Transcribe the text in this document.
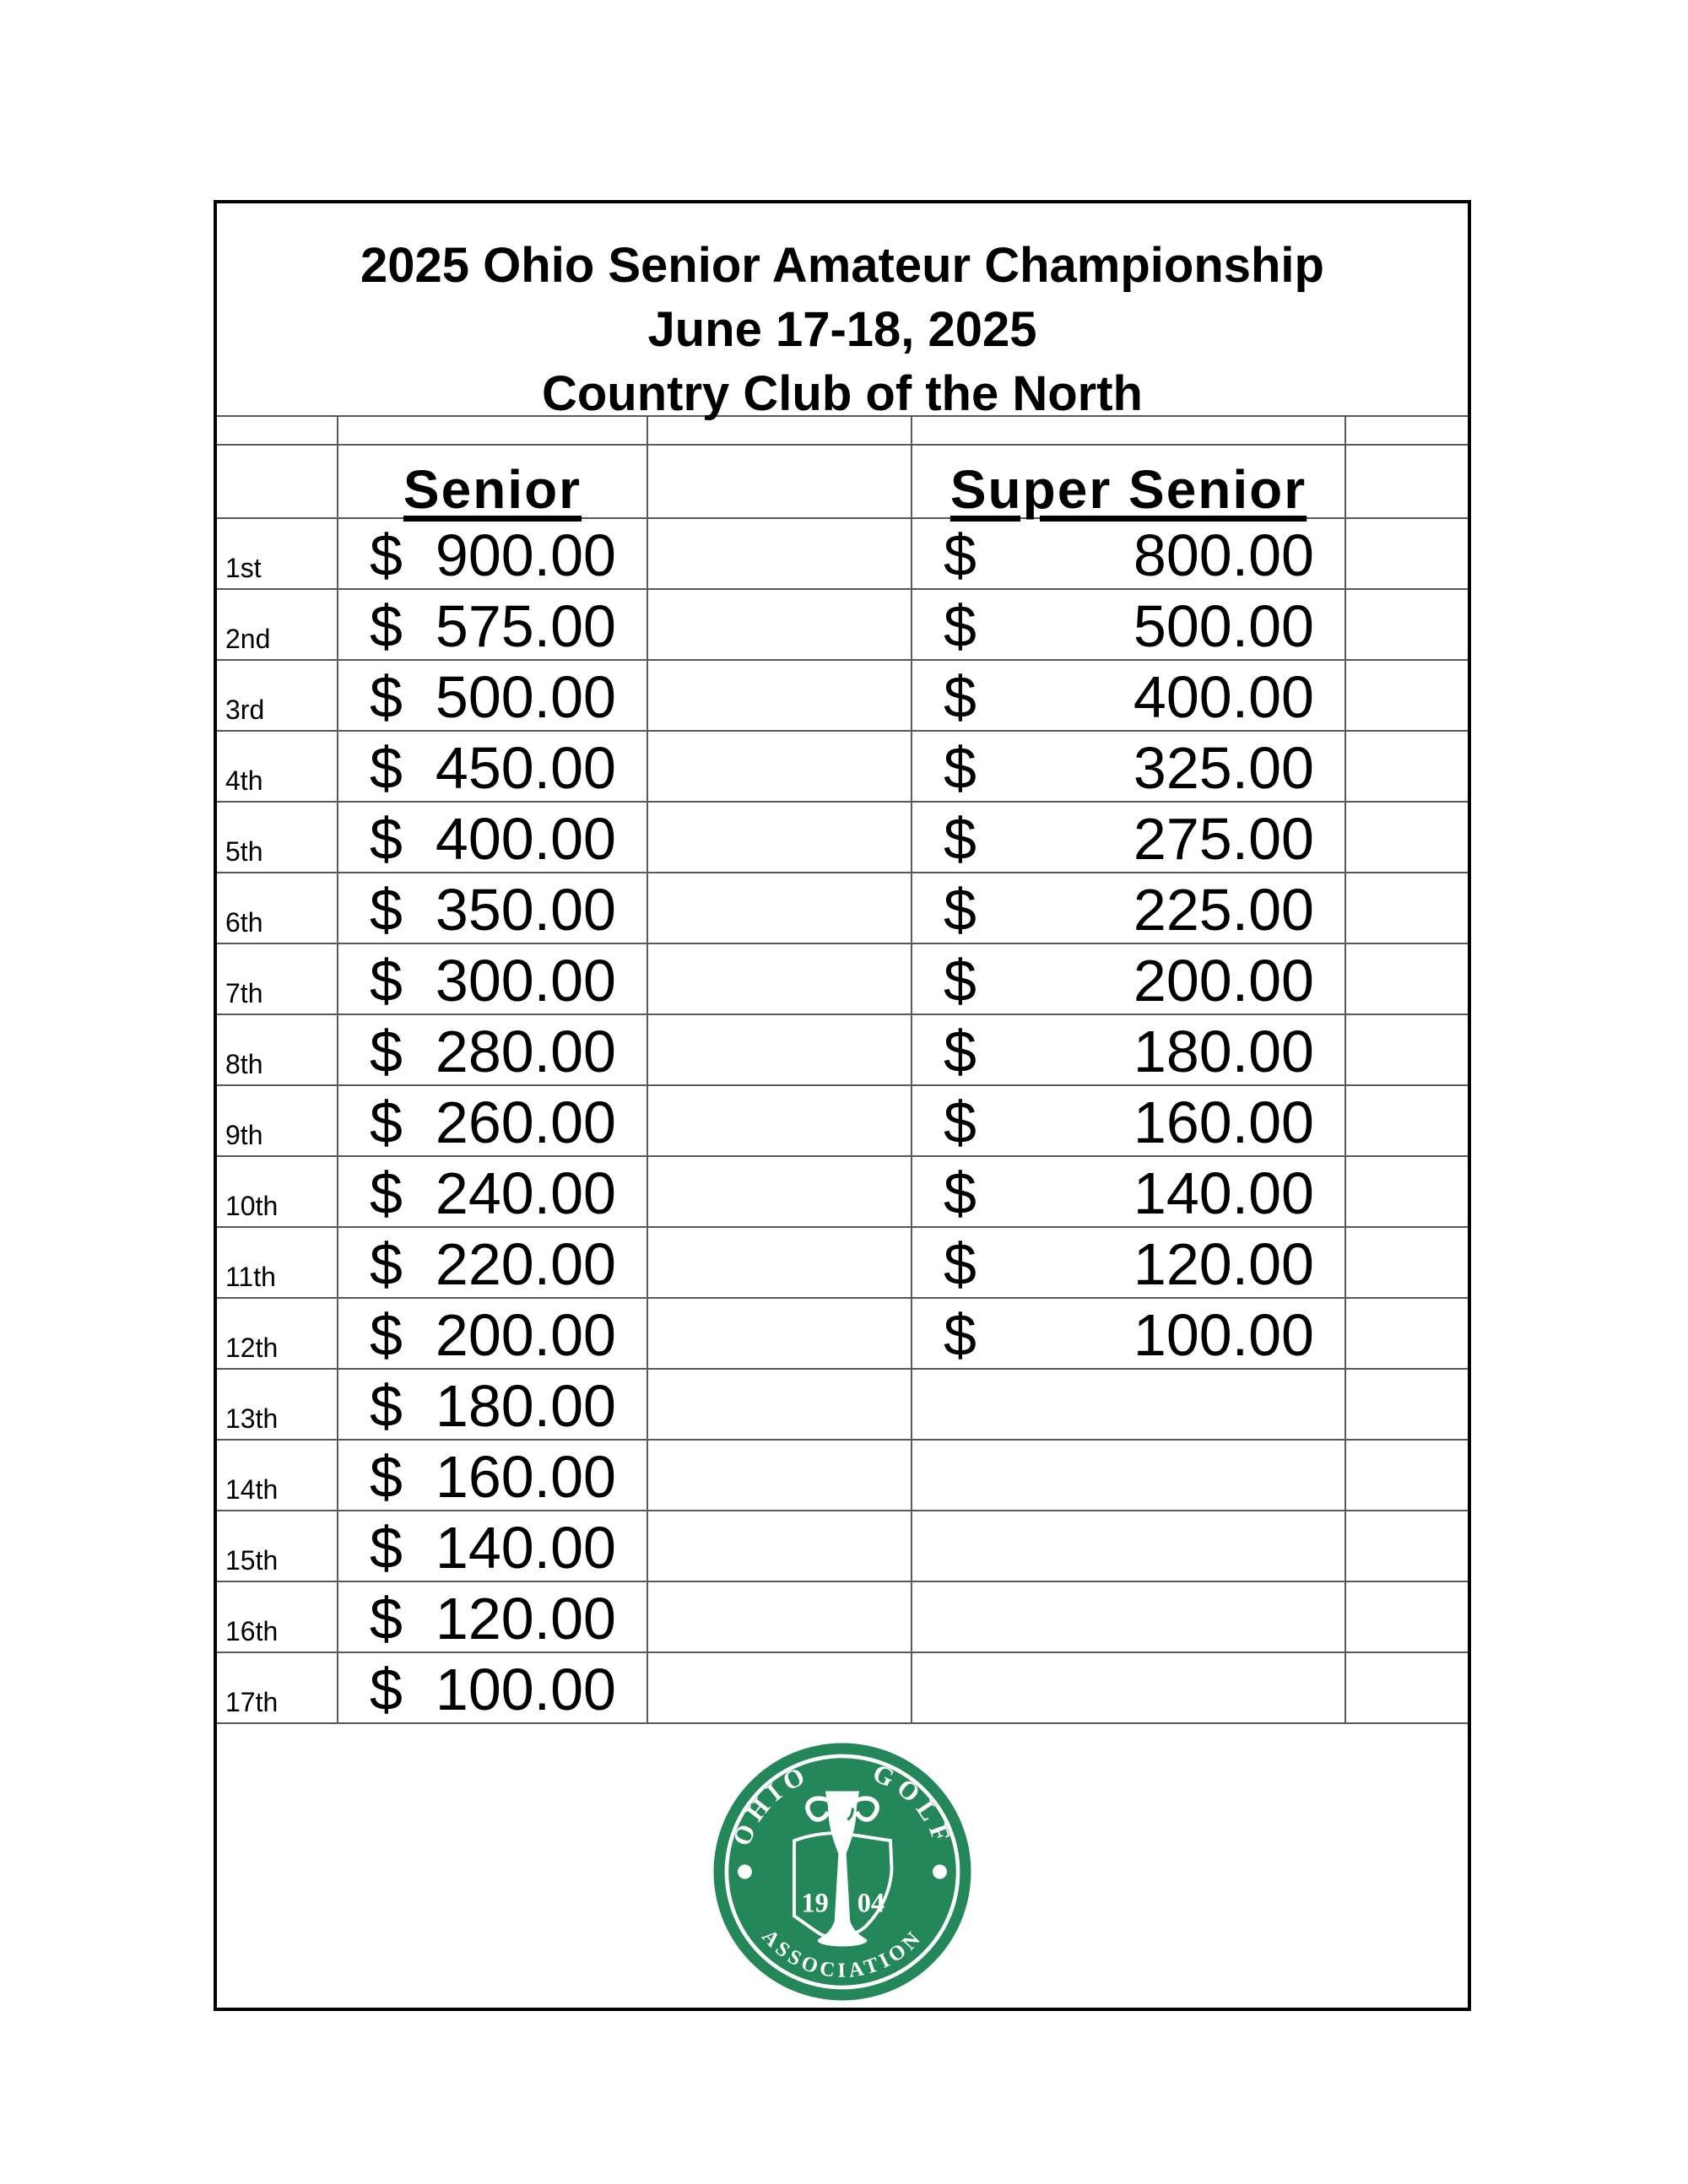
2025 Ohio Senior Amateur Championship
June 17-18, 2025
Country Club of the North
Senior	Super Senior
1st $ 900.00	$	800.00
2nd $ 575.00	$	500.00
3rd $ 500.00	$	400.00
4th $ 450.00	$	325.00
5th $ 400.00	$	275.00
6th $ 350.00	$	225.00
7th $ 300.00	$	200.00
8th $ 280.00	$	180.00
9th $ 260.00	$	160.00
10th $ 240.00	$	140.00
11th $ 220.00	$	120.00
12th $ 200.00	$	100.00
13th $ 180.00
14th $ 160.00
15th $ 140.00
16th $ 120.00
17th $ 100.00
OHIO	GOLF
ASSOCIATION
19 04
